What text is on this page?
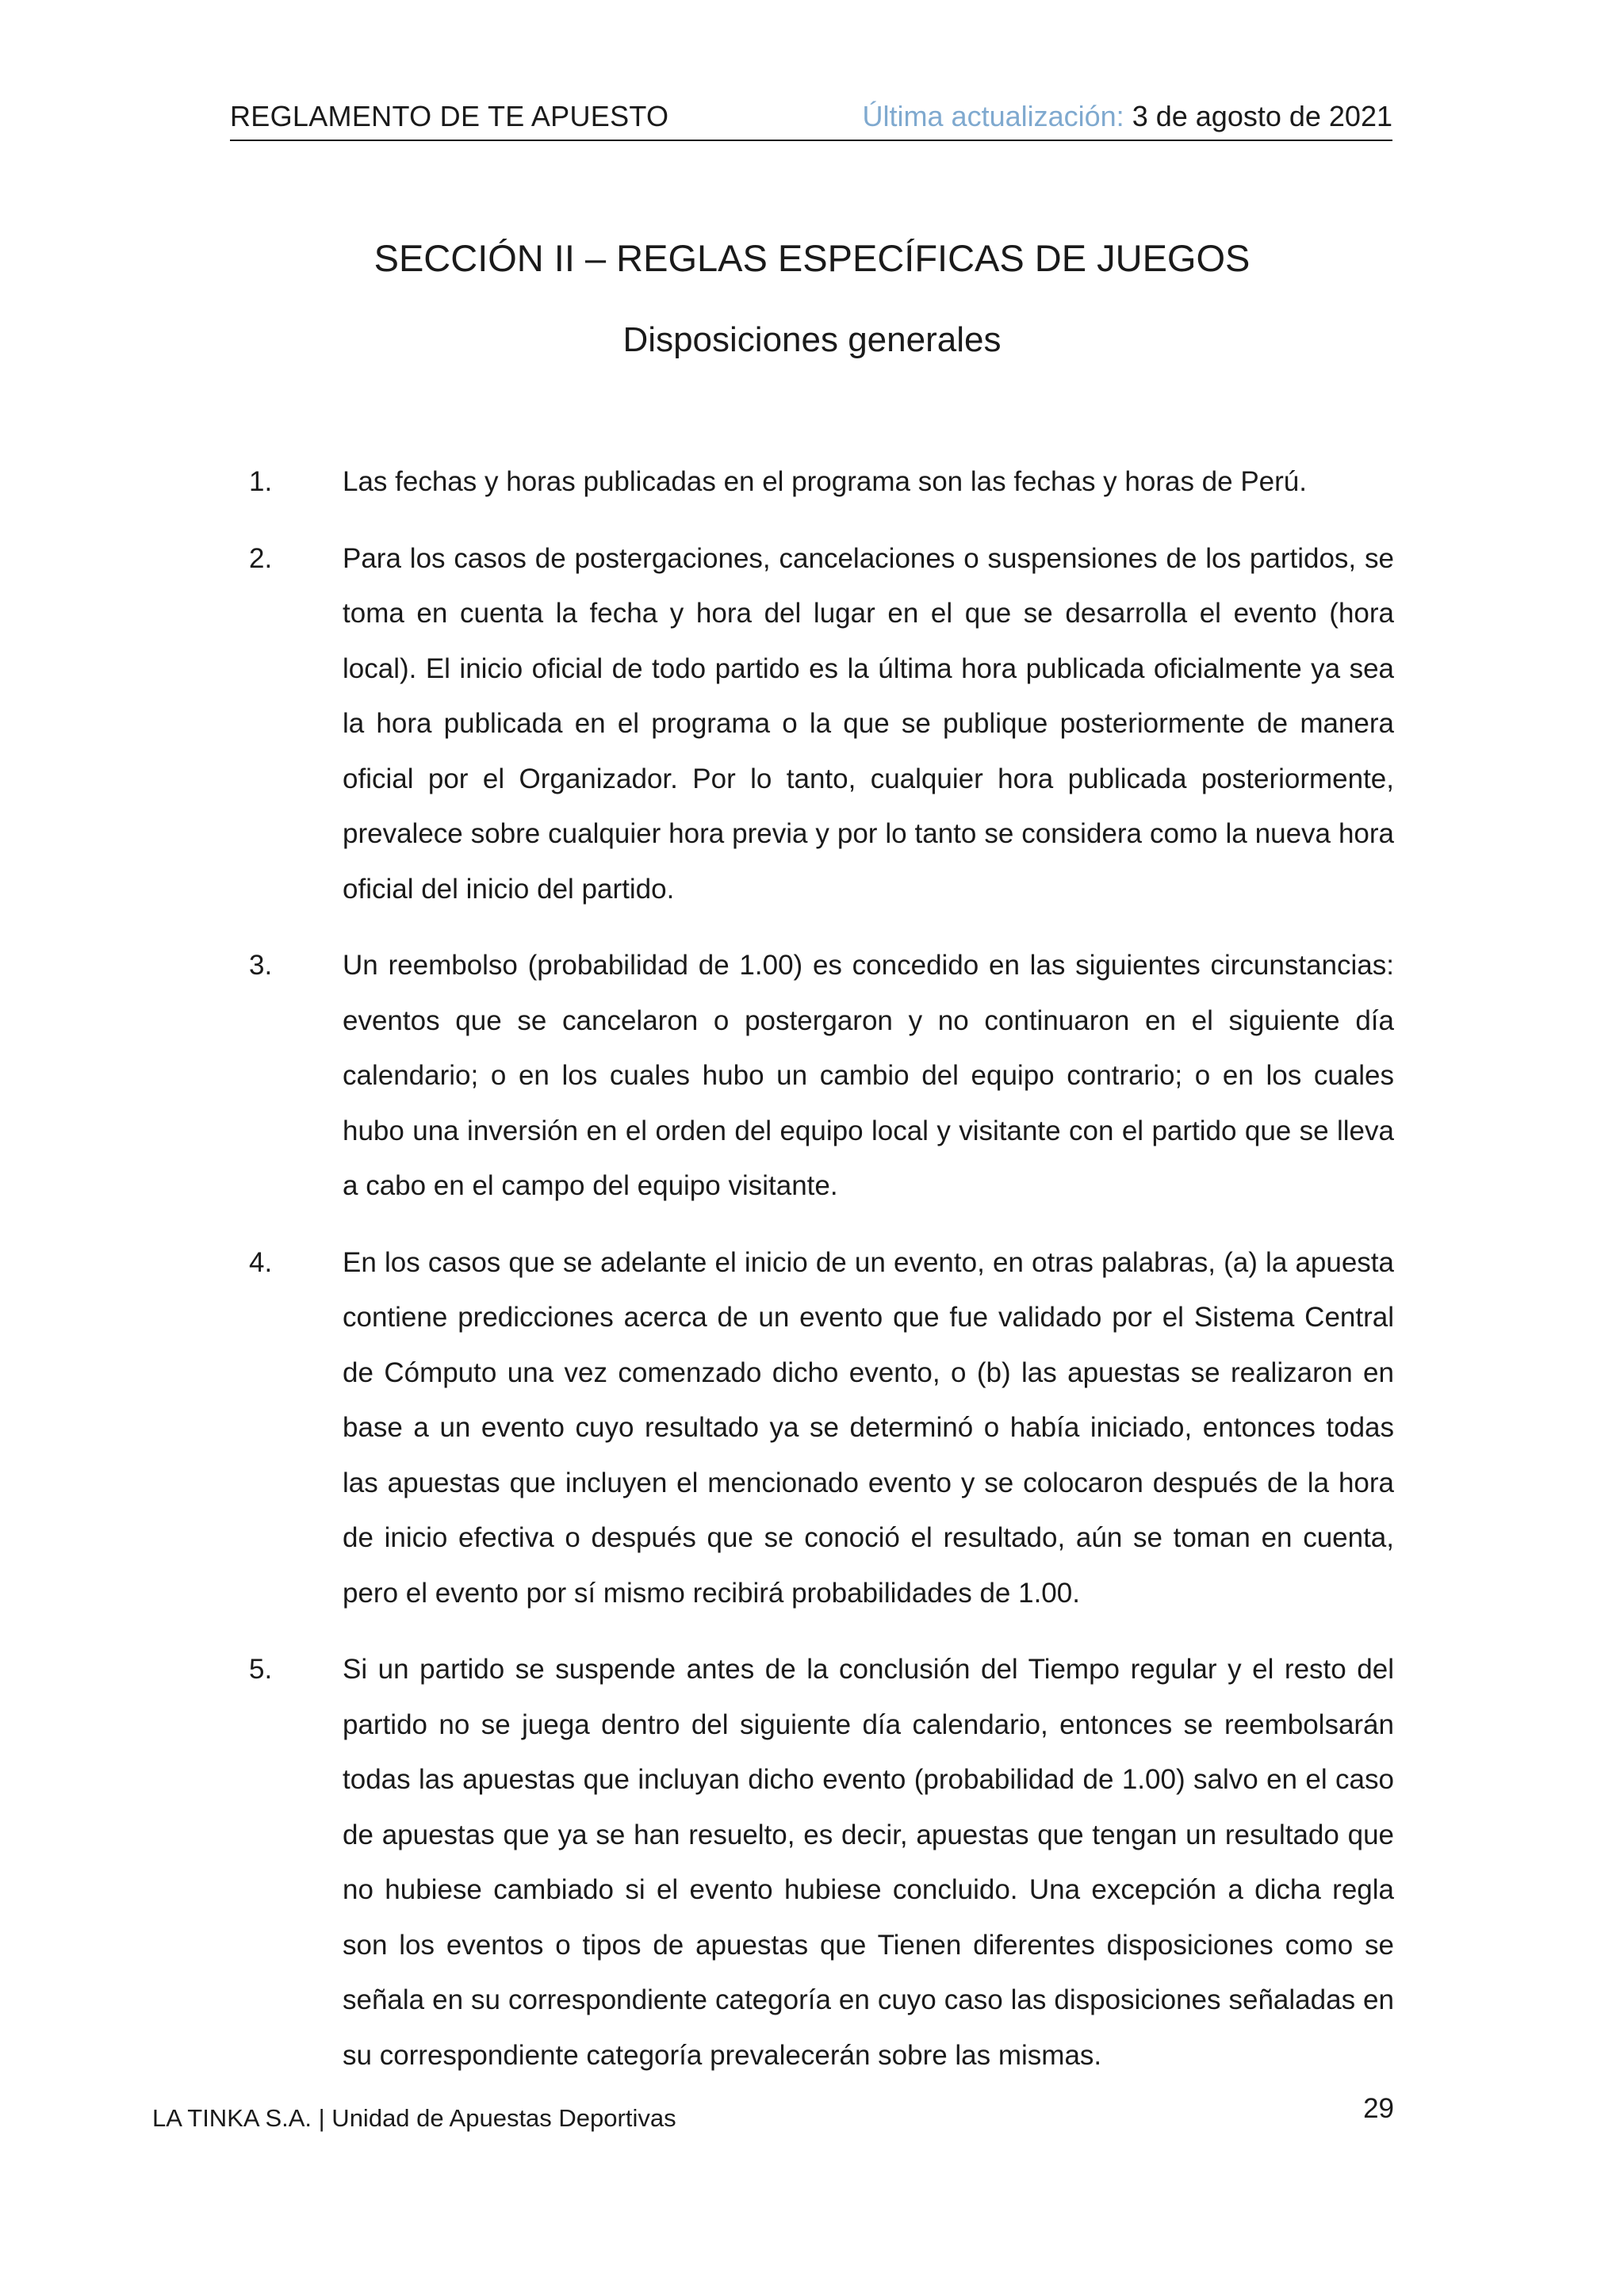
REGLAMENTO DE TE APUESTO	Última actualización: 3 de agosto de 2021
SECCIÓN II – REGLAS ESPECÍFICAS DE JUEGOS
Disposiciones generales
1.	Las fechas y horas publicadas en el programa son las fechas y horas de Perú.
2.	Para los casos de postergaciones, cancelaciones o suspensiones de los partidos, se toma en cuenta la fecha y hora del lugar en el que se desarrolla el evento (hora local). El inicio oficial de todo partido es la última hora publicada oficialmente ya sea la hora publicada en el programa o la que se publique posteriormente de manera oficial por el Organizador. Por lo tanto, cualquier hora publicada posteriormente, prevalece sobre cualquier hora previa y por lo tanto se considera como la nueva hora oficial del inicio del partido.
3.	Un reembolso (probabilidad de 1.00) es concedido en las siguientes circunstancias: eventos que se cancelaron o postergaron y no continuaron en el siguiente día calendario; o en los cuales hubo un cambio del equipo contrario; o en los cuales hubo una inversión en el orden del equipo local y visitante con el partido que se lleva a cabo en el campo del equipo visitante.
4.	En los casos que se adelante el inicio de un evento, en otras palabras, (a) la apuesta contiene predicciones acerca de un evento que fue validado por el Sistema Central de Cómputo una vez comenzado dicho evento, o (b) las apuestas se realizaron en base a un evento cuyo resultado ya se determinó o había iniciado, entonces todas las apuestas que incluyen el mencionado evento y se colocaron después de la hora de inicio efectiva o después que se conoció el resultado, aún se toman en cuenta, pero el evento por sí mismo recibirá probabilidades de 1.00.
5.	Si un partido se suspende antes de la conclusión del Tiempo regular y el resto del partido no se juega dentro del siguiente día calendario, entonces se reembolsarán todas las apuestas que incluyan dicho evento (probabilidad de 1.00) salvo en el caso de apuestas que ya se han resuelto, es decir, apuestas que tengan un resultado que no hubiese cambiado si el evento hubiese concluido. Una excepción a dicha regla son los eventos o tipos de apuestas que Tienen diferentes disposiciones como se señala en su correspondiente categoría en cuyo caso las disposiciones señaladas en su correspondiente categoría prevalecerán sobre las mismas.
LA TINKA S.A. | Unidad de Apuestas Deportivas	29
